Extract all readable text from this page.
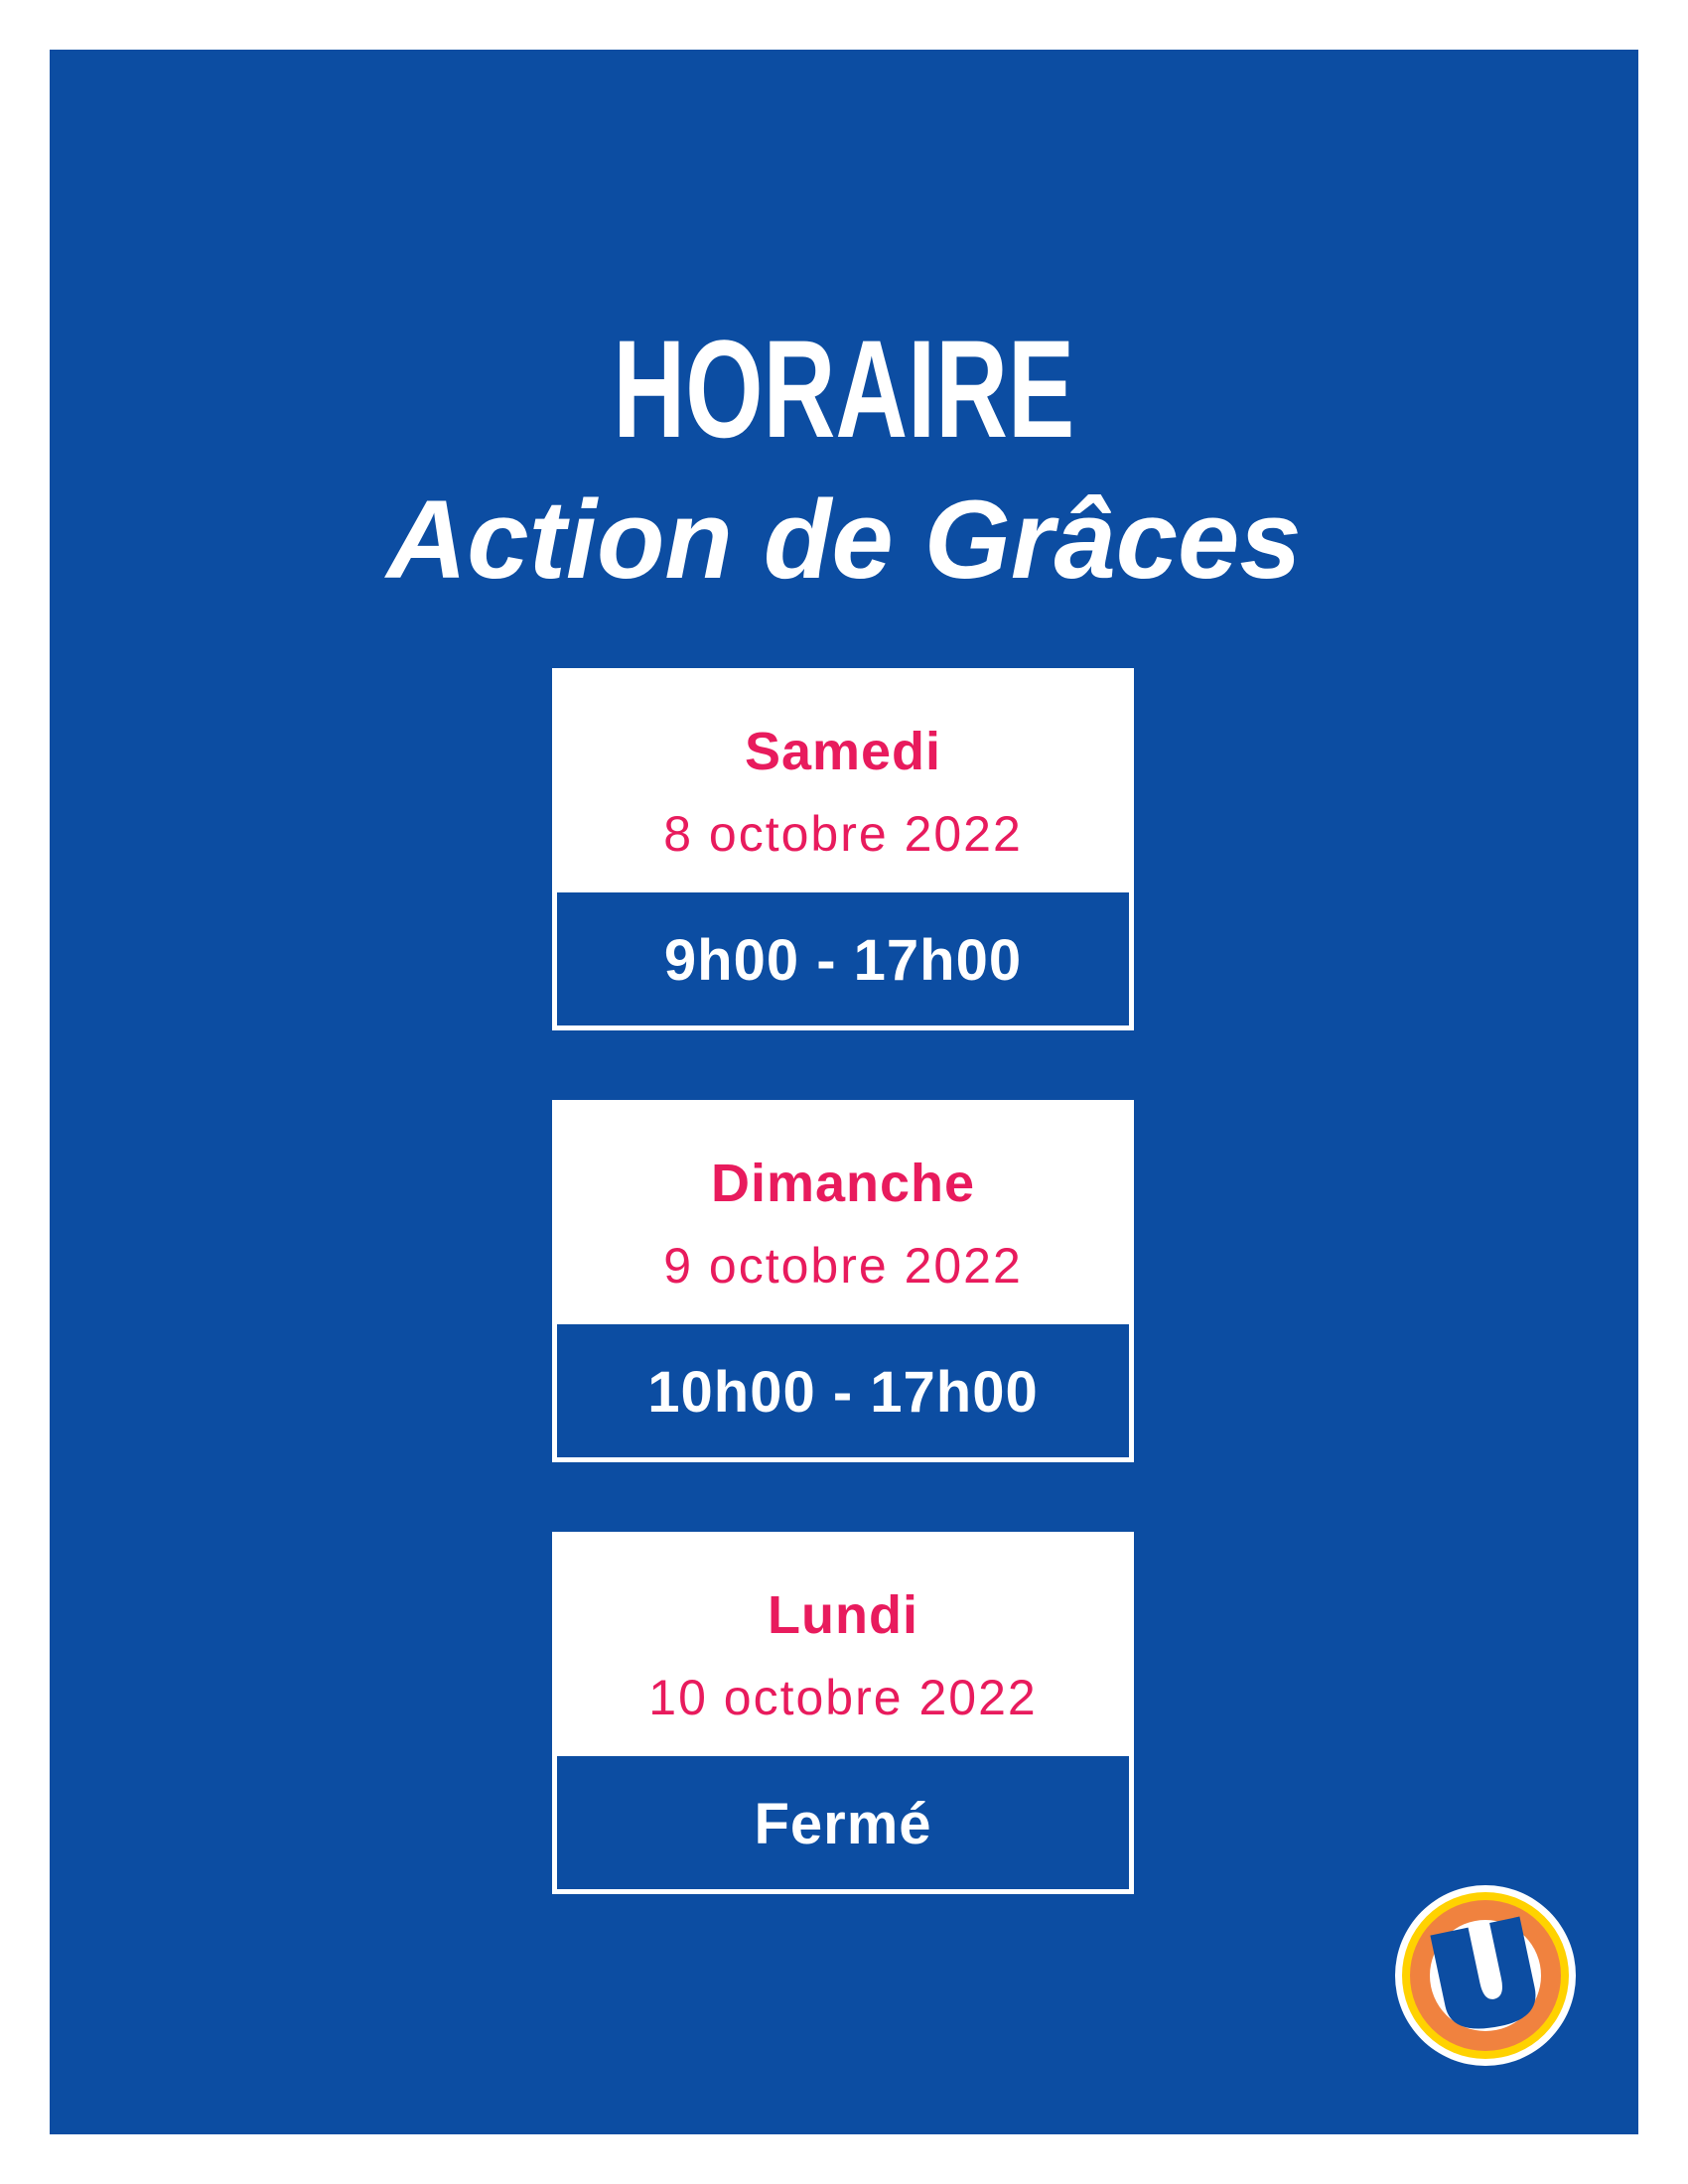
HORAIRE
Action de Grâces
Samedi
8 octobre 2022
9h00 - 17h00
Dimanche
9 octobre 2022
10h00 - 17h00
Lundi
10 octobre 2022
Fermé
